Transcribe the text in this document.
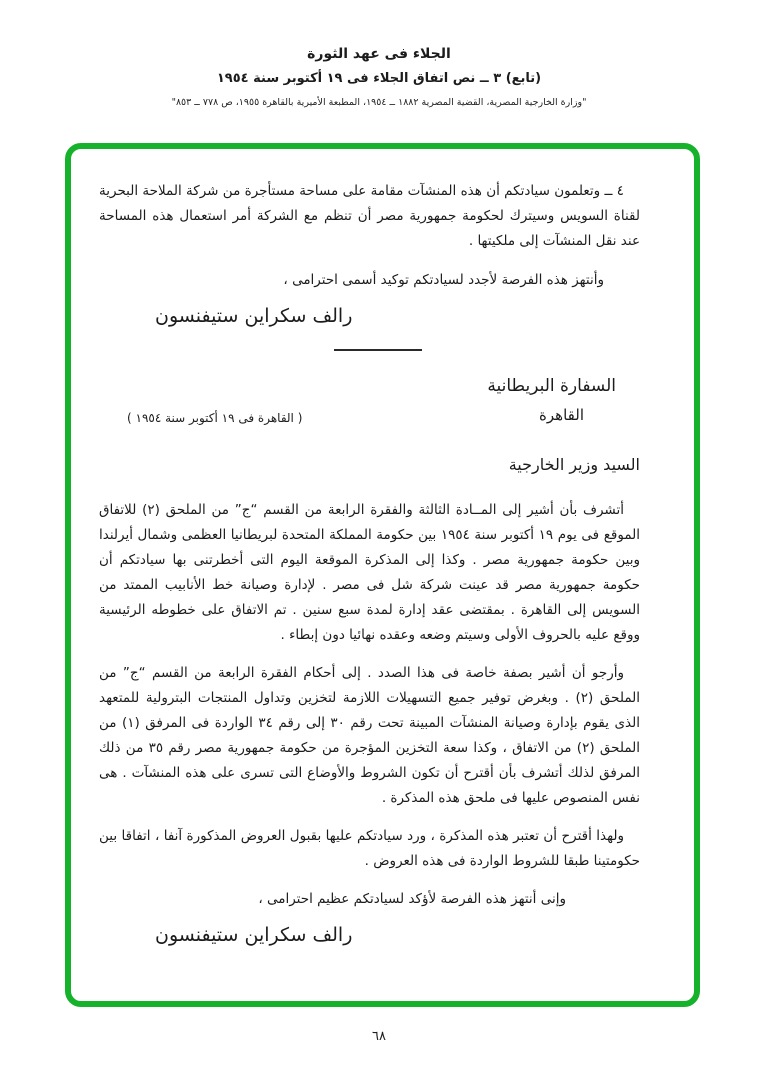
الجلاء فى عهد الثورة
(تابع) ٣ ــ نص اتفاق الجلاء فى ١٩ أكتوبر سنة ١٩٥٤
"وزارة الخارجية المصرية، القضية المصرية ١٨٨٢ ــ ١٩٥٤، المطبعة الأميرية بالقاهرة ١٩٥٥، ص ٧٧٨ ــ ٨٥٣"

٤ ــ وتعلمون سيادتكم أن هذه المنشآت مقامة على مساحة مستأجرة من شركة الملاحة البحرية لقناة السويس وسيترك لحكومة جمهورية مصر أن تنظم مع الشركة أمر استعمال هذه المساحة عند نقل المنشآت إلى ملكيتها .

وأنتهز هذه الفرصة لأجدد لسيادتكم توكيد أسمى احترامى ،

رالف سكراين ستيفنسون
السفارة البريطانية
( القاهرة فى ١٩ أكتوبر سنة ١٩٥٤ )	القاهرة
السيد وزير الخارجية

أتشرف بأن أشير إلى المــادة الثالثة والفقرة الرابعة من القسم “ج” من الملحق (٢) للاتفاق الموقع فى يوم ١٩ أكتوبر سنة ١٩٥٤ بين حكومة المملكة المتحدة لبريطانيا العظمى وشمال أيرلندا وبين حكومة جمهورية مصر . وكذا إلى المذكرة الموقعة اليوم التى أخطرتنى بها سيادتكم أن حكومة جمهورية مصر قد عينت شركة شل فى مصر . لإدارة وصيانة خط الأنابيب الممتد من السويس إلى القاهرة . بمقتضى عقد إدارة لمدة سبع سنين . تم الاتفاق على خطوطه الرئيسية ووقع عليه بالحروف الأولى وسيتم وضعه وعقده نهائيا دون إبطاء .

وأرجو أن أشير بصفة خاصة فى هذا الصدد . إلى أحكام الفقرة الرابعة من القسم “ج” من الملحق (٢) . وبغرض توفير جميع التسهيلات اللازمة لتخزين وتداول المنتجات البترولية للمتعهد الذى يقوم بإدارة وصيانة المنشآت المبينة تحت رقم ٣٠ إلى رقم ٣٤ الواردة فى المرفق (١) من الملحق (٢) من الاتفاق ، وكذا سعة التخزين المؤجرة من حكومة جمهورية مصر رقم ٣٥ من ذلك المرفق لذلك أتشرف بأن أقترح أن تكون الشروط والأوضاع التى تسرى على هذه المنشآت . هى نفس المنصوص عليها فى ملحق هذه المذكرة .

ولهذا أقترح أن تعتبر هذه المذكرة ، ورد سيادتكم عليها بقبول العروض المذكورة آنفا ، اتفاقا بين حكومتينا طبقا للشروط الواردة فى هذه العروض .

وإنى أنتهز هذه الفرصة لأؤكد لسيادتكم عظيم احترامى ،

رالف سكراين ستيفنسون
٦٨
